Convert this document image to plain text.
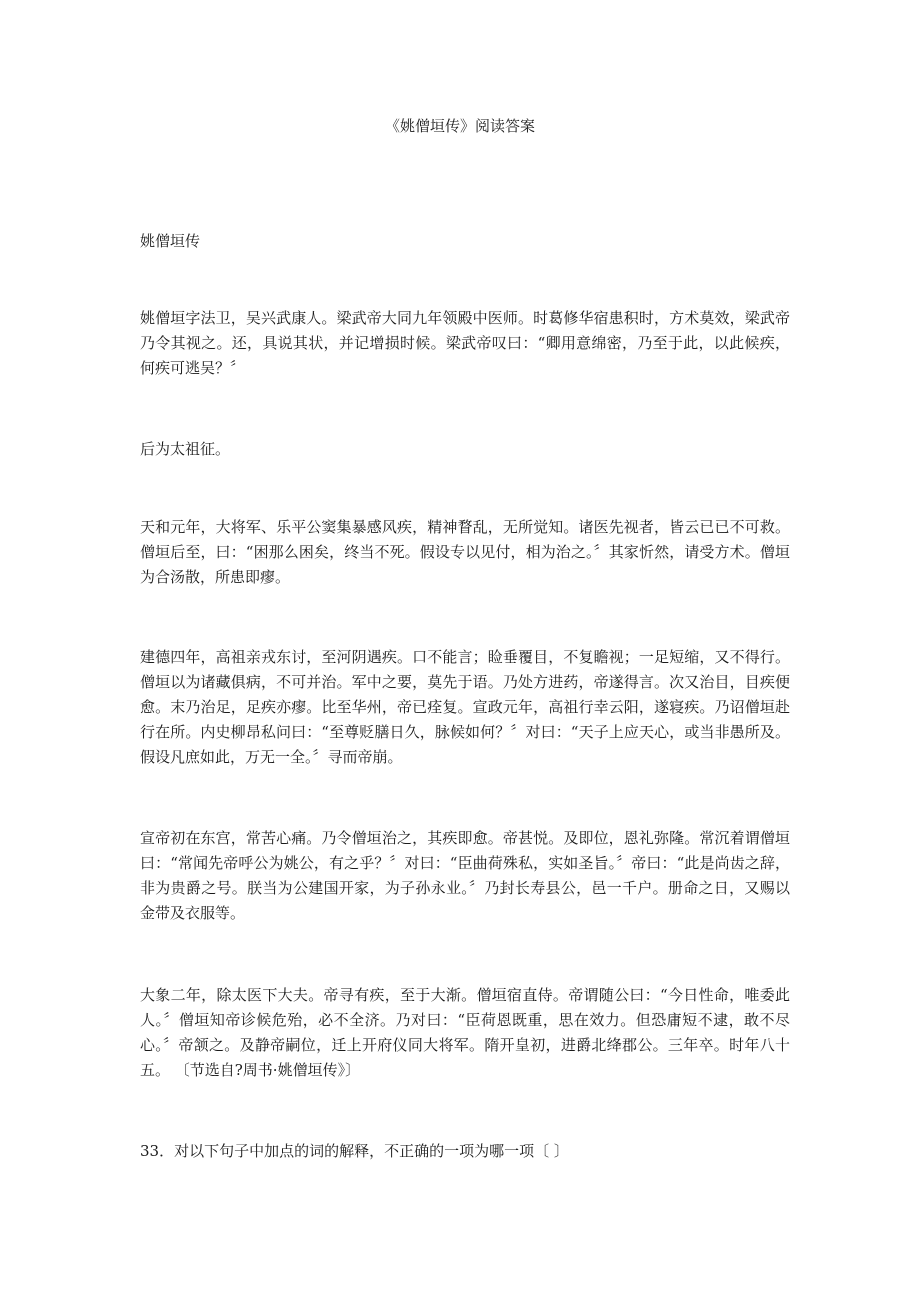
《姚僧垣传》阅读答案

姚僧垣传

姚僧垣字法卫，吴兴武康人。梁武帝大同九年领殿中医师。时葛修华宿患积时，方术莫效，梁武帝乃令其视之。还，具说其状，并记增损时候。梁武帝叹曰：“卿用意绵密，乃至于此，以此候疾，何疾可逃吴？〞

后为太祖征。

天和元年，大将军、乐平公窦集暴感风疾，精神瞀乱，无所觉知。诸医先视者，皆云已已不可救。僧垣后至，曰：“困那么困矣，终当不死。假设专以见付，相为治之。〞其家忻然，请受方术。僧垣为合汤散，所患即瘳。

建德四年，高祖亲戎东讨，至河阴遇疾。口不能言；睑垂覆目，不复瞻视；一足短缩，又不得行。僧垣以为诸藏俱病，不可并治。军中之要，莫先于语。乃处方进药，帝遂得言。次又治目，目疾便愈。末乃治足，足疾亦瘳。比至华州，帝已痊复。宣政元年，高祖行幸云阳，遂寝疾。乃诏僧垣赴行在所。内史柳昂私问曰：“至尊贬膳日久，脉候如何？〞对曰：“天子上应天心，或当非愚所及。假设凡庶如此，万无一全。〞寻而帝崩。

宣帝初在东宫，常苦心痛。乃令僧垣治之，其疾即愈。帝甚悦。及即位，恩礼弥隆。常沉着谓僧垣曰：“常闻先帝呼公为姚公，有之乎？〞对曰：“臣曲荷殊私，实如圣旨。〞帝曰：“此是尚齿之辞，非为贵爵之号。朕当为公建国开家，为子孙永业。〞乃封长寿县公，邑一千户。册命之日，又赐以金带及衣服等。

大象二年，除太医下大夫。帝寻有疾，至于大渐。僧垣宿直侍。帝谓随公曰：“今日性命，唯委此人。〞僧垣知帝诊候危殆，必不全济。乃对曰：“臣荷恩既重，思在效力。但恐庸短不逮，敢不尽心。〞帝颔之。及静帝嗣位，迁上开府仪同大将军。隋开皇初，进爵北绛郡公。三年卒。时年八十五。 〔节选自?周书·姚僧垣传》〕

33．对以下句子中加点的词的解释，不正确的一项为哪一项〔 〕
